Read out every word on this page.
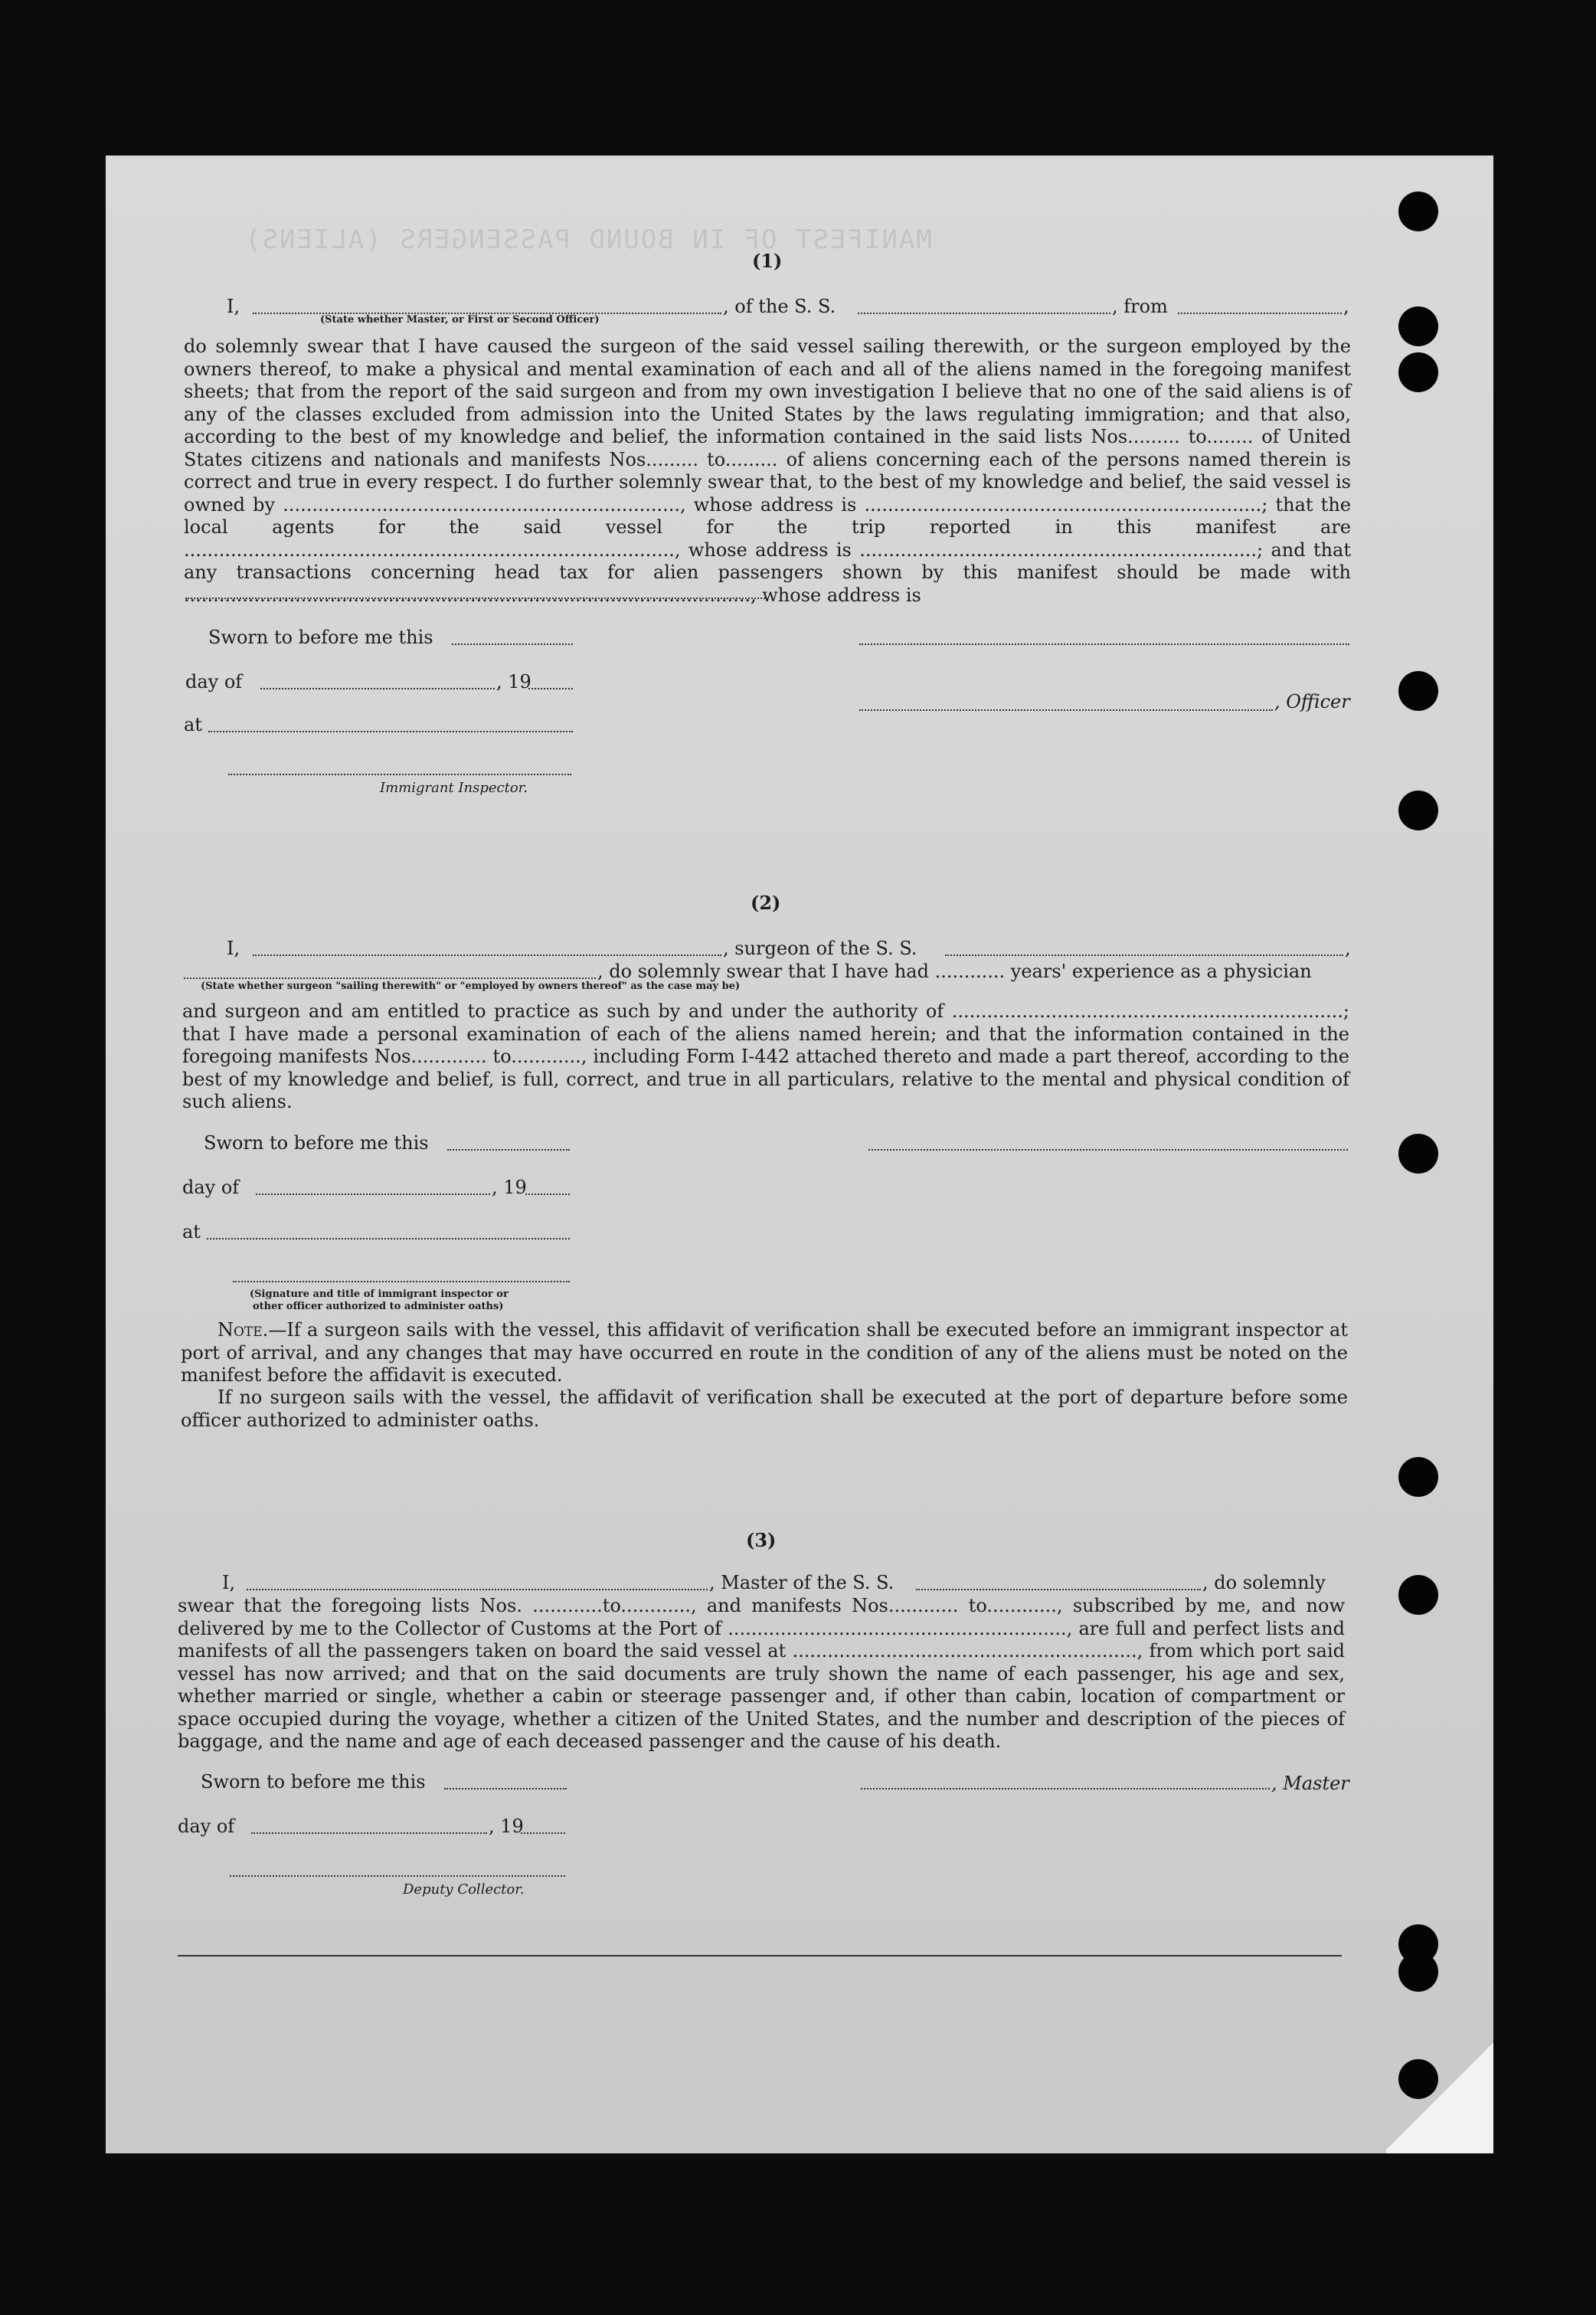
MANIFEST OF IN BOUND PASSENGERS (ALIENS)
(1)
I,	, of the S. S.	, from	,
(State whether Master, or First or Second Officer)
do solemnly swear that I have caused the surgeon of the said vessel sailing therewith, or the surgeon employed by the owners thereof, to make a physical and mental examination of each and all of the aliens named in the foregoing manifest sheets; that from the report of the said surgeon and from my own investigation I believe that no one of the said aliens is of any of the classes excluded from admission into the United States by the laws regulating immigration; and that also, according to the best of my knowledge and belief, the information contained in the said lists Nos......... to........ of United States citizens and nationals and manifests Nos......... to......... of aliens concerning each of the persons named therein is correct and true in every respect. I do further solemnly swear that, to the best of my knowledge and belief, the said vessel is owned by ...................................................................., whose address is ....................................................................; that the local agents for the said vessel for the trip reported in this manifest are ...................................................................................., whose address is ....................................................................; and that any transactions concerning head tax for alien passengers shown by this manifest should be made with ................................................................................................., whose address is
Sworn to before me this
day of	, 19
, Officer
at
Immigrant Inspector.
(2)
I,	, surgeon of the S. S.	,
, do solemnly swear that I have had ............ years' experience as a physician
(State whether surgeon "sailing therewith" or "employed by owners thereof" as the case may be)
and surgeon and am entitled to practice as such by and under the authority of ...................................................................; that I have made a personal examination of each of the aliens named herein; and that the information contained in the foregoing manifests Nos............. to............, including Form I-442 attached thereto and made a part thereof, according to the best of my knowledge and belief, is full, correct, and true in all particulars, relative to the mental and physical condition of such aliens.
Sworn to before me this
day of	, 19
at
(Signature and title of immigrant inspector or
other officer authorized to administer oaths)
Note.—If a surgeon sails with the vessel, this affidavit of verification shall be executed before an immigrant inspector at port of arrival, and any changes that may have occurred en route in the condition of any of the aliens must be noted on the manifest before the affidavit is executed.
If no surgeon sails with the vessel, the affidavit of verification shall be executed at the port of departure before some officer authorized to administer oaths.
(3)
I,	, Master of the S. S.	, do solemnly
swear that the foregoing lists Nos. ............to............, and manifests Nos............ to............, subscribed by me, and now delivered by me to the Collector of Customs at the Port of .........................................................., are full and perfect lists and manifests of all the passengers taken on board the said vessel at ..........................................................., from which port said vessel has now arrived; and that on the said documents are truly shown the name of each passenger, his age and sex, whether married or single, whether a cabin or steerage passenger and, if other than cabin, location of compartment or space occupied during the voyage, whether a citizen of the United States, and the number and description of the pieces of baggage, and the name and age of each deceased passenger and the cause of his death.
Sworn to before me this	, Master
day of	, 19
Deputy Collector.
